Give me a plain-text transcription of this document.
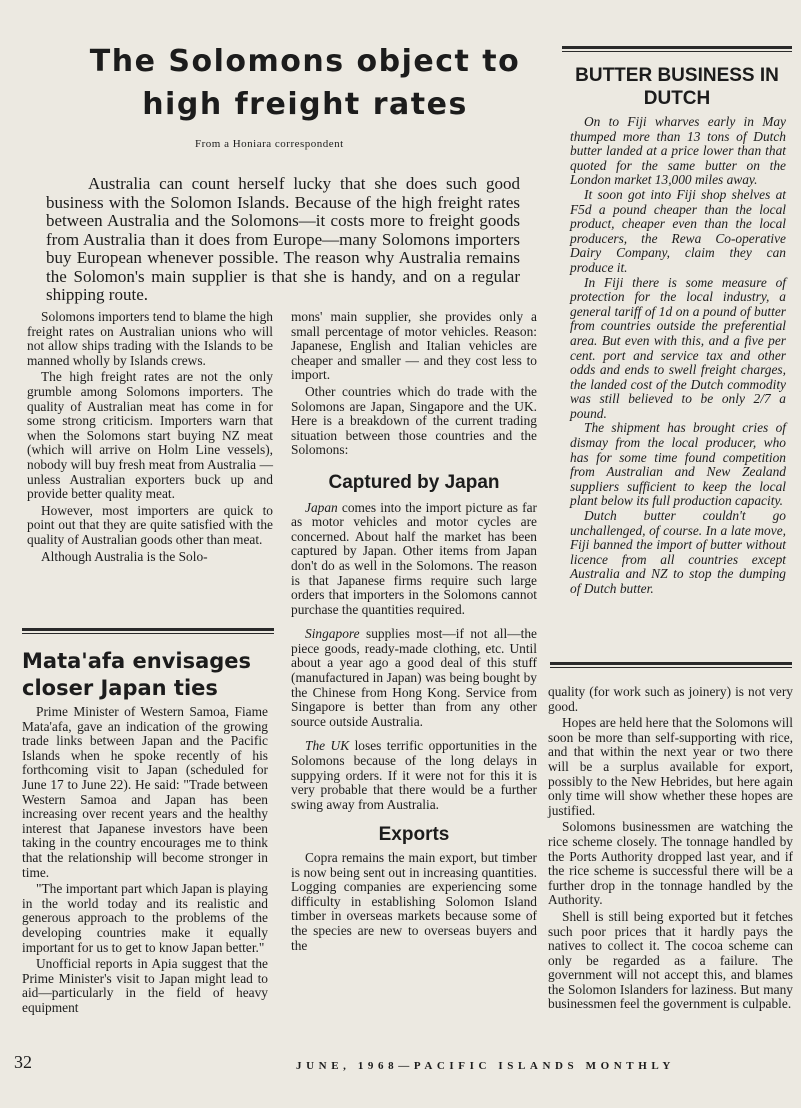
The Solomons object to high freight rates
From a Honiara correspondent
Australia can count herself lucky that she does such good business with the Solomon Islands. Because of the high freight rates between Australia and the Solomons—it costs more to freight goods from Australia than it does from Europe—many Solomons importers buy European whenever possible. The reason why Australia remains the Solomon's main supplier is that she is handy, and on a regular shipping route.

Solomons importers tend to blame the high freight rates on Australian unions who will not allow ships trading with the Islands to be manned wholly by Islands crews.

The high freight rates are not the only grumble among Solomons importers. The quality of Australian meat has come in for some strong criticism. Importers warn that when the Solomons start buying NZ meat (which will arrive on Holm Line vessels), nobody will buy fresh meat from Australia — unless Australian exporters buck up and provide better quality meat.

However, most importers are quick to point out that they are quite satisfied with the quality of Australian goods other than meat.

Although Australia is the Solo-

Mata'afa envisages closer Japan ties

Prime Minister of Western Samoa, Fiame Mata'afa, gave an indication of the growing trade links between Japan and the Pacific Islands when he spoke recently of his forthcoming visit to Japan (scheduled for June 17 to June 22). He said: "Trade between Western Samoa and Japan has been increasing over recent years and the healthy interest that Japanese investors have been taking in the country encourages me to think that the relationship will become stronger in time.

"The important part which Japan is playing in the world today and its realistic and generous approach to the problems of the developing countries make it equally important for us to get to know Japan better."

Unofficial reports in Apia suggest that the Prime Minister's visit to Japan might lead to aid—particularly in the field of heavy equipment

mons' main supplier, she provides only a small percentage of motor vehicles. Reason: Japanese, English and Italian vehicles are cheaper and smaller — and they cost less to import.

Other countries which do trade with the Solomons are Japan, Singapore and the UK. Here is a breakdown of the current trading situation between those countries and the Solomons:

Captured by Japan

Japan comes into the import picture as far as motor vehicles and motor cycles are concerned. About half the market has been captured by Japan. Other items from Japan don't do as well in the Solomons. The reason is that Japanese firms require such large orders that importers in the Solomons cannot purchase the quantities required.

Singapore supplies most—if not all—the piece goods, ready-made clothing, etc. Until about a year ago a good deal of this stuff (manufactured in Japan) was being bought by the Chinese from Hong Kong. Service from Singapore is better than from any other source outside Australia.

The UK loses terrific opportunities in the Solomons because of the long delays in suppying orders. If it were not for this it is very probable that there would be a further swing away from Australia.

Exports

Copra remains the main export, but timber is now being sent out in increasing quantities. Logging companies are experiencing some difficulty in establishing Solomon Island timber in overseas markets because some of the species are new to overseas buyers and the

BUTTER BUSINESS IN DUTCH

On to Fiji wharves early in May thumped more than 13 tons of Dutch butter landed at a price lower than that quoted for the same butter on the London market 13,000 miles away.

It soon got into Fiji shop shelves at F5d a pound cheaper than the local product, cheaper even than the local producers, the Rewa Co-operative Dairy Company, claim they can produce it.

In Fiji there is some measure of protection for the local industry, a general tariff of 1d on a pound of butter from countries outside the preferential area. But even with this, and a five per cent. port and service tax and other odds and ends to swell freight charges, the landed cost of the Dutch commodity was still believed to be only 2/7 a pound.

The shipment has brought cries of dismay from the local producer, who has for some time found competition from Australian and New Zealand suppliers sufficient to keep the local plant below its full production capacity.

Dutch butter couldn't go unchallenged, of course. In a late move, Fiji banned the import of butter without licence from all countries except Australia and NZ to stop the dumping of Dutch butter.

quality (for work such as joinery) is not very good.

Hopes are held here that the Solomons will soon be more than self-supporting with rice, and that within the next year or two there will be a surplus available for export, possibly to the New Hebrides, but here again only time will show whether these hopes are justified.

Solomons businessmen are watching the rice scheme closely. The tonnage handled by the Ports Authority dropped last year, and if the rice scheme is successful there will be a further drop in the tonnage handled by the Authority.

Shell is still being exported but it fetches such poor prices that it hardly pays the natives to collect it. The cocoa scheme can only be regarded as a failure. The government will not accept this, and blames the Solomon Islanders for laziness. But many businessmen feel the government is culpable.

32	JUNE, 1968—PACIFIC ISLANDS MONTHLY
